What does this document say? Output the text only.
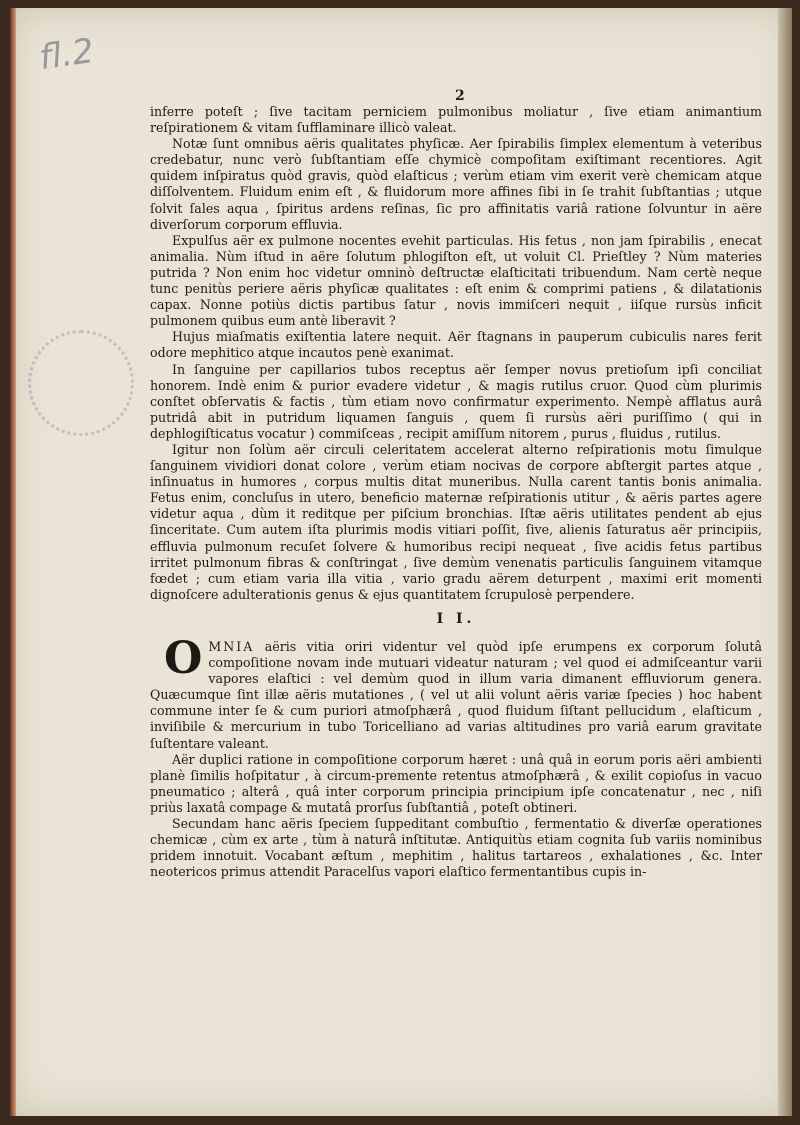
ﬂ.2
2

inferre poteſt ; ſive tacitam perniciem pulmonibus moliatur , ſive etiam animantium reſpirationem & vitam ſufflaminare illicò valeat.

Notæ ſunt omnibus aëris qualitates phyſicæ. Aer ſpirabilis ſimplex elementum à veteribus credebatur, nunc verò ſubſtantiam eſſe chymicè compoſitam exiſtimant recentiores. Agit quidem inſpiratus quòd gravis, quòd elaſticus ; verùm etiam vim exerit verè chemicam atque diſſolventem. Fluidum enim eſt , & fluidorum more affines ſibi in ſe trahit ſubſtantias ; utque ſolvit ſales aqua , ſpiritus ardens reſinas, ſic pro affinitatis variâ ratione ſolvuntur in aëre diverſorum corporum effluvia.

Expulſus aër ex pulmone nocentes evehit particulas. His fetus , non jam ſpirabilis , enecat animalia. Nùm iſtud in aëre ſolutum phlogiſton eſt, ut voluit Cl. Prieſtley ? Nùm materies putrida ? Non enim hoc videtur omninò deſtructæ elaſticitati tribuendum. Nam certè neque tunc penitùs periere aëris phyſicæ qualitates : eſt enim & comprimi patiens , & dilatationis capax. Nonne potiùs dictis partibus ſatur , novis immiſceri nequit , iiſque rursùs inficit pulmonem quibus eum antè liberavit ?

Hujus miaſmatis exiſtentia latere nequit. Aër ſtagnans in pauperum cubiculis nares ferit odore mephitico atque incautos penè exanimat.

In ſanguine per capillarios tubos receptus aër ſemper novus pretioſum ipſi conciliat honorem. Indè enim & purior evadere videtur , & magis rutilus cruor. Quod cùm plurimis conſtet obſervatis & factis , tùm etiam novo confirmatur experimento. Nempè afflatus aurâ putridâ abit in putridum liquamen ſanguis , quem ſi rursùs aëri puriſſimo ( qui in dephlogiſticatus vocatur ) commiſceas , recipit amiſſum nitorem , purus , fluidus , rutilus.

Igitur non ſolùm aër circuli celeritatem accelerat alterno reſpirationis motu ſimulque ſanguinem vividiori donat colore , verùm etiam nocivas de corpore abſtergit partes atque , inſinuatus in humores , corpus multis ditat muneribus. Nulla carent tantis bonis animalia. Fetus enim, concluſus in utero, beneficio maternæ reſpirationis utitur , & aëris partes agere videtur aqua , dùm it reditque per piſcium bronchias. Iſtæ aëris utilitates pendent ab ejus ſinceritate. Cum autem iſta plurimis modis vitiari poſſit, ſive, alienis ſaturatus aër principiis, effluvia pulmonum recuſet ſolvere & humoribus recipi nequeat , ſive acidis fetus partibus irritet pulmonum fibras & conſtringat , ſive demùm venenatis particulis ſanguinem vitamque fœdet ; cum etiam varia illa vitia , vario gradu aërem deturpent , maximi erit momenti dignoſcere adulterationis genus & ejus quantitatem ſcrupulosè perpendere.

I I.
O MNIA aëris vitia oriri videntur vel quòd ipſe erumpens ex corporum ſolutâ compoſitione novam inde mutuari videatur naturam ; vel quod ei admiſceantur varii vapores elaſtici : vel demùm quod in illum varia dimanent effluviorum genera. Quæcumque ſint illæ aëris mutationes , ( vel ut alii volunt aëris variæ ſpecies ) hoc habent commune inter ſe & cum puriori atmoſphærâ , quod fluidum ſiſtant pellucidum , elaſticum , inviſibile & mercurium in tubo Toricelliano ad varias altitudines pro variâ earum gravitate ſuſtentare valeant.

Aër duplici ratione in compoſitione corporum hæret : unâ quâ in eorum poris aëri ambienti planè ſimilis hoſpitatur , à circum-premente retentus atmoſphærâ , & exilit copioſus in vacuo pneumatico ; alterâ , quâ inter corporum principia principium ipſe concatenatur , nec , niſi priùs laxatâ compage & mutatâ prorſus ſubſtantiâ , poteſt obtineri.

Secundam hanc aëris ſpeciem ſuppeditant combuſtio , fermentatio & diverſæ operationes chemicæ , cùm ex arte , tùm à naturâ inſtitutæ. Antiquitùs etiam cognita ſub variis nominibus pridem innotuit. Vocabant æſtum , mephitim , halitus tartareos , exhalationes , &c. Inter neotericos primus attendit Paracelſus vapori elaſtico fermentantibus cupis in-
